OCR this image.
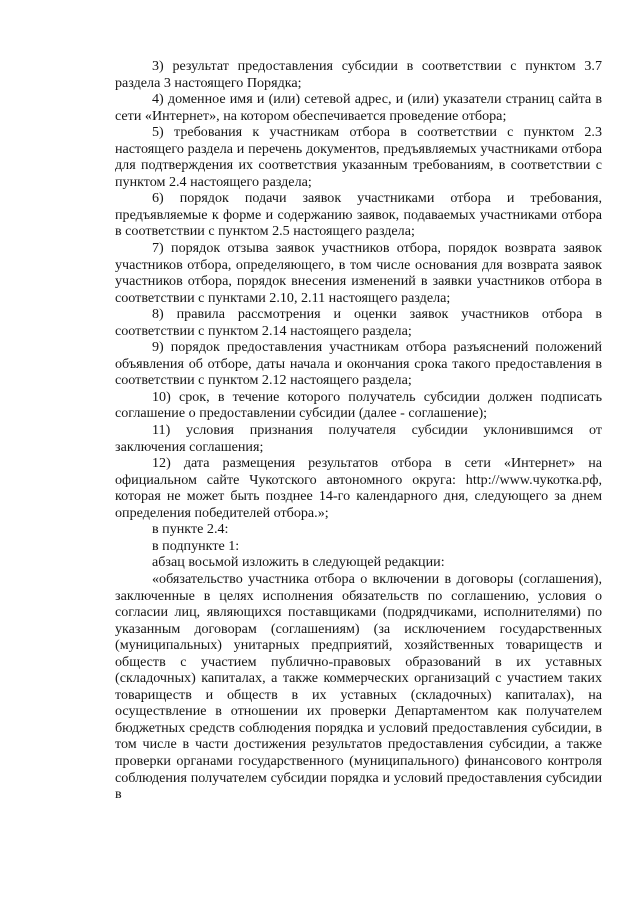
3) результат предоставления субсидии в соответствии с пунктом 3.7 раздела 3 настоящего Порядка;

4) доменное имя и (или) сетевой адрес, и (или) указатели страниц сайта в сети «Интернет», на котором обеспечивается проведение отбора;

5) требования к участникам отбора в соответствии с пунктом 2.3 настоящего раздела и перечень документов, предъявляемых участниками отбора для подтверждения их соответствия указанным требованиям, в соответствии с пунктом 2.4 настоящего раздела;

6) порядок подачи заявок участниками отбора и требования, предъявляемые к форме и содержанию заявок, подаваемых участниками отбора в соответствии с пунктом 2.5 настоящего раздела;

7) порядок отзыва заявок участников отбора, порядок возврата заявок участников отбора, определяющего, в том числе основания для возврата заявок участников отбора, порядок внесения изменений в заявки участников отбора в соответствии с пунктами 2.10, 2.11 настоящего раздела;

8) правила рассмотрения и оценки заявок участников отбора в соответствии с пунктом 2.14 настоящего раздела;

9) порядок предоставления участникам отбора разъяснений положений объявления об отборе, даты начала и окончания срока такого предоставления в соответствии с пунктом 2.12 настоящего раздела;

10) срок, в течение которого получатель субсидии должен подписать соглашение о предоставлении субсидии (далее - соглашение);

11) условия признания получателя субсидии уклонившимся от заключения соглашения;

12) дата размещения результатов отбора в сети «Интернет» на официальном сайте Чукотского автономного округа: http://www.чукотка.рф, которая не может быть позднее 14-го календарного дня, следующего за днем определения победителей отбора.»;

в пункте 2.4:

в подпункте 1:

абзац восьмой изложить в следующей редакции:

«обязательство участника отбора о включении в договоры (соглашения), заключенные в целях исполнения обязательств по соглашению, условия о согласии лиц, являющихся поставщиками (подрядчиками, исполнителями) по указанным договорам (соглашениям) (за исключением государственных (муниципальных) унитарных предприятий, хозяйственных товариществ и обществ с участием публично-правовых образований в их уставных (складочных) капиталах, а также коммерческих организаций с участием таких товариществ и обществ в их уставных (складочных) капиталах), на осуществление в отношении их проверки Департаментом как получателем бюджетных средств соблюдения порядка и условий предоставления субсидии, в том числе в части достижения результатов предоставления субсидии, а также проверки органами государственного (муниципального) финансового контроля соблюдения получателем субсидии порядка и условий предоставления субсидии в
